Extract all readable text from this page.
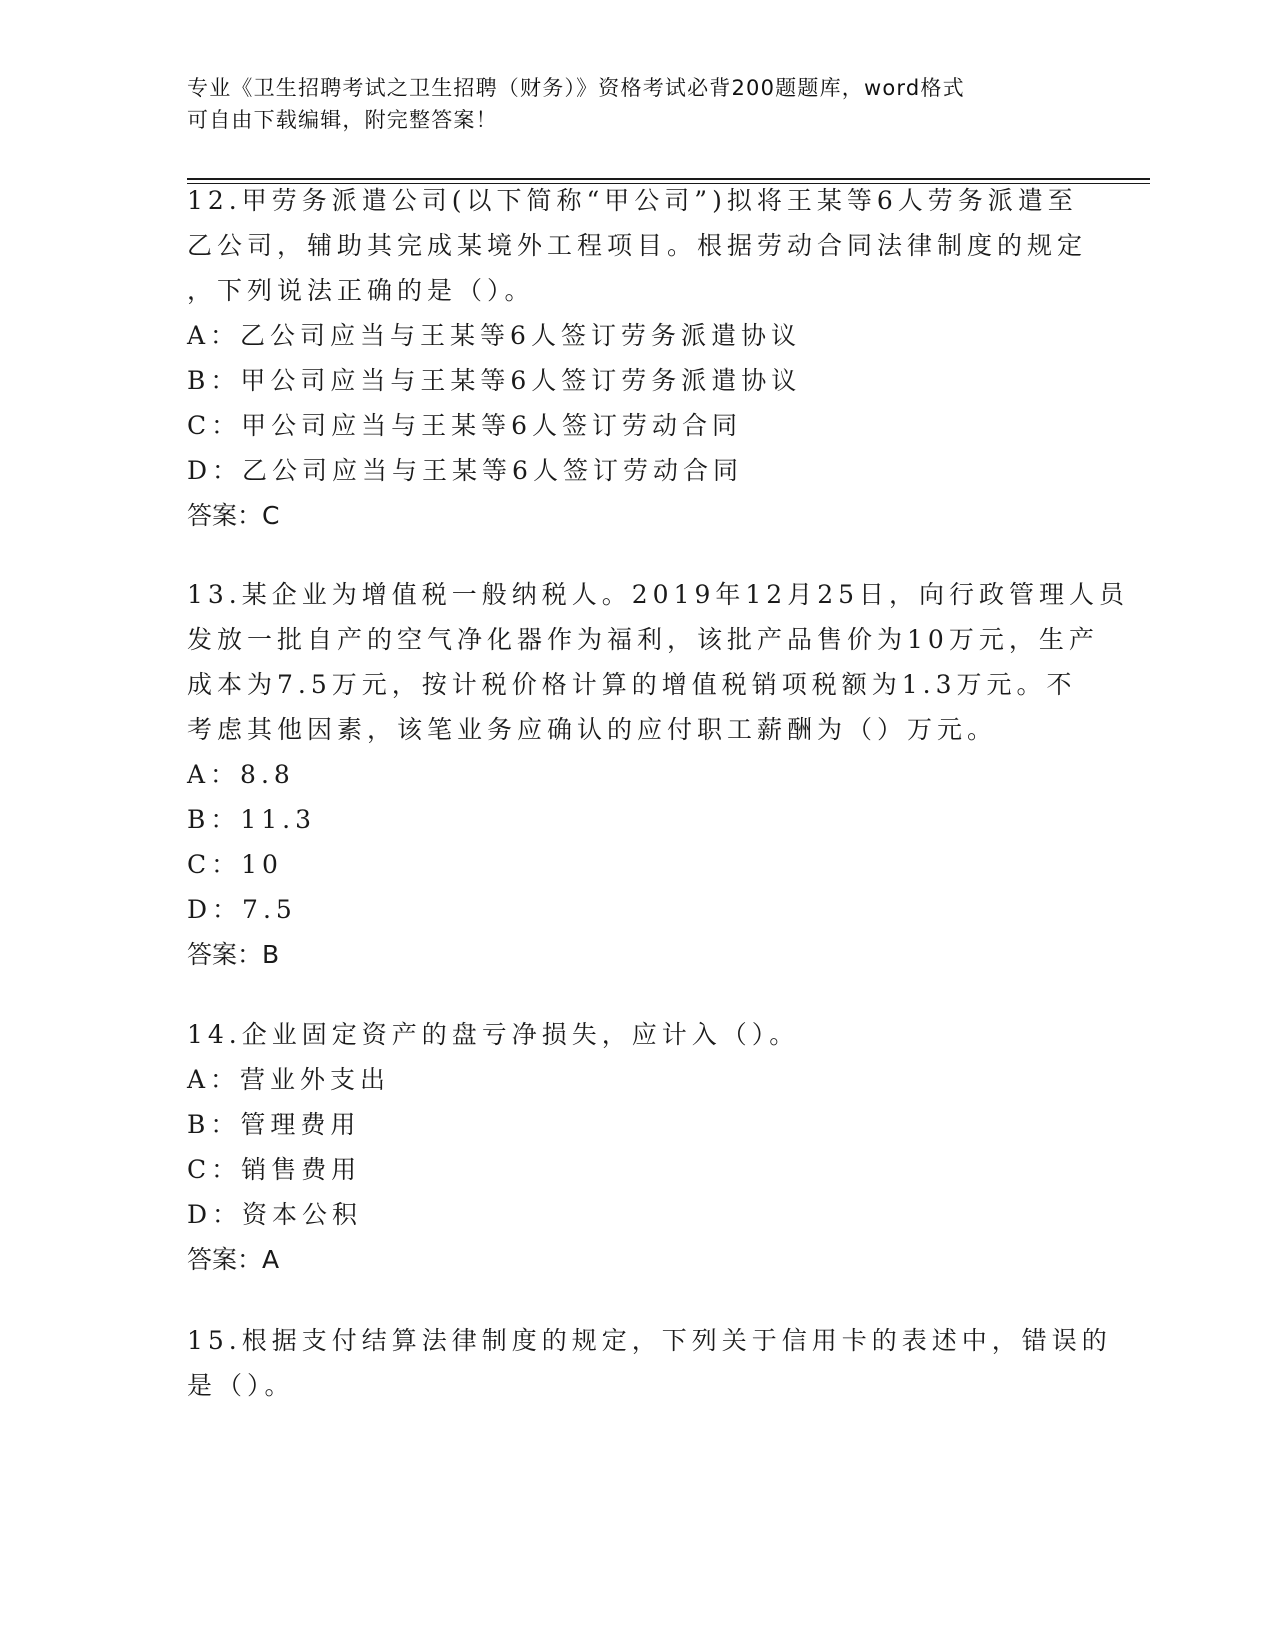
专业《卫生招聘考试之卫生招聘（财务）》资格考试必背200题题库，word格式
可自由下载编辑，附完整答案！
12.甲劳务派遣公司(以下简称“甲公司”)拟将王某等6人劳务派遣至
乙公司，辅助其完成某境外工程项目。根据劳动合同法律制度的规定
，下列说法正确的是（）。
A：乙公司应当与王某等6人签订劳务派遣协议
B：甲公司应当与王某等6人签订劳务派遣协议
C：甲公司应当与王某等6人签订劳动合同
D：乙公司应当与王某等6人签订劳动合同
答案：C
13.某企业为增值税一般纳税人。2019年12月25日，向行政管理人员
发放一批自产的空气净化器作为福利，该批产品售价为10万元，生产
成本为7.5万元，按计税价格计算的增值税销项税额为1.3万元。不
考虑其他因素，该笔业务应确认的应付职工薪酬为（）万元。
A：8.8
B：11.3
C：10
D：7.5
答案：B
14.企业固定资产的盘亏净损失，应计入（）。
A：营业外支出
B：管理费用
C：销售费用
D：资本公积
答案：A
15.根据支付结算法律制度的规定，下列关于信用卡的表述中，错误的
是（）。
